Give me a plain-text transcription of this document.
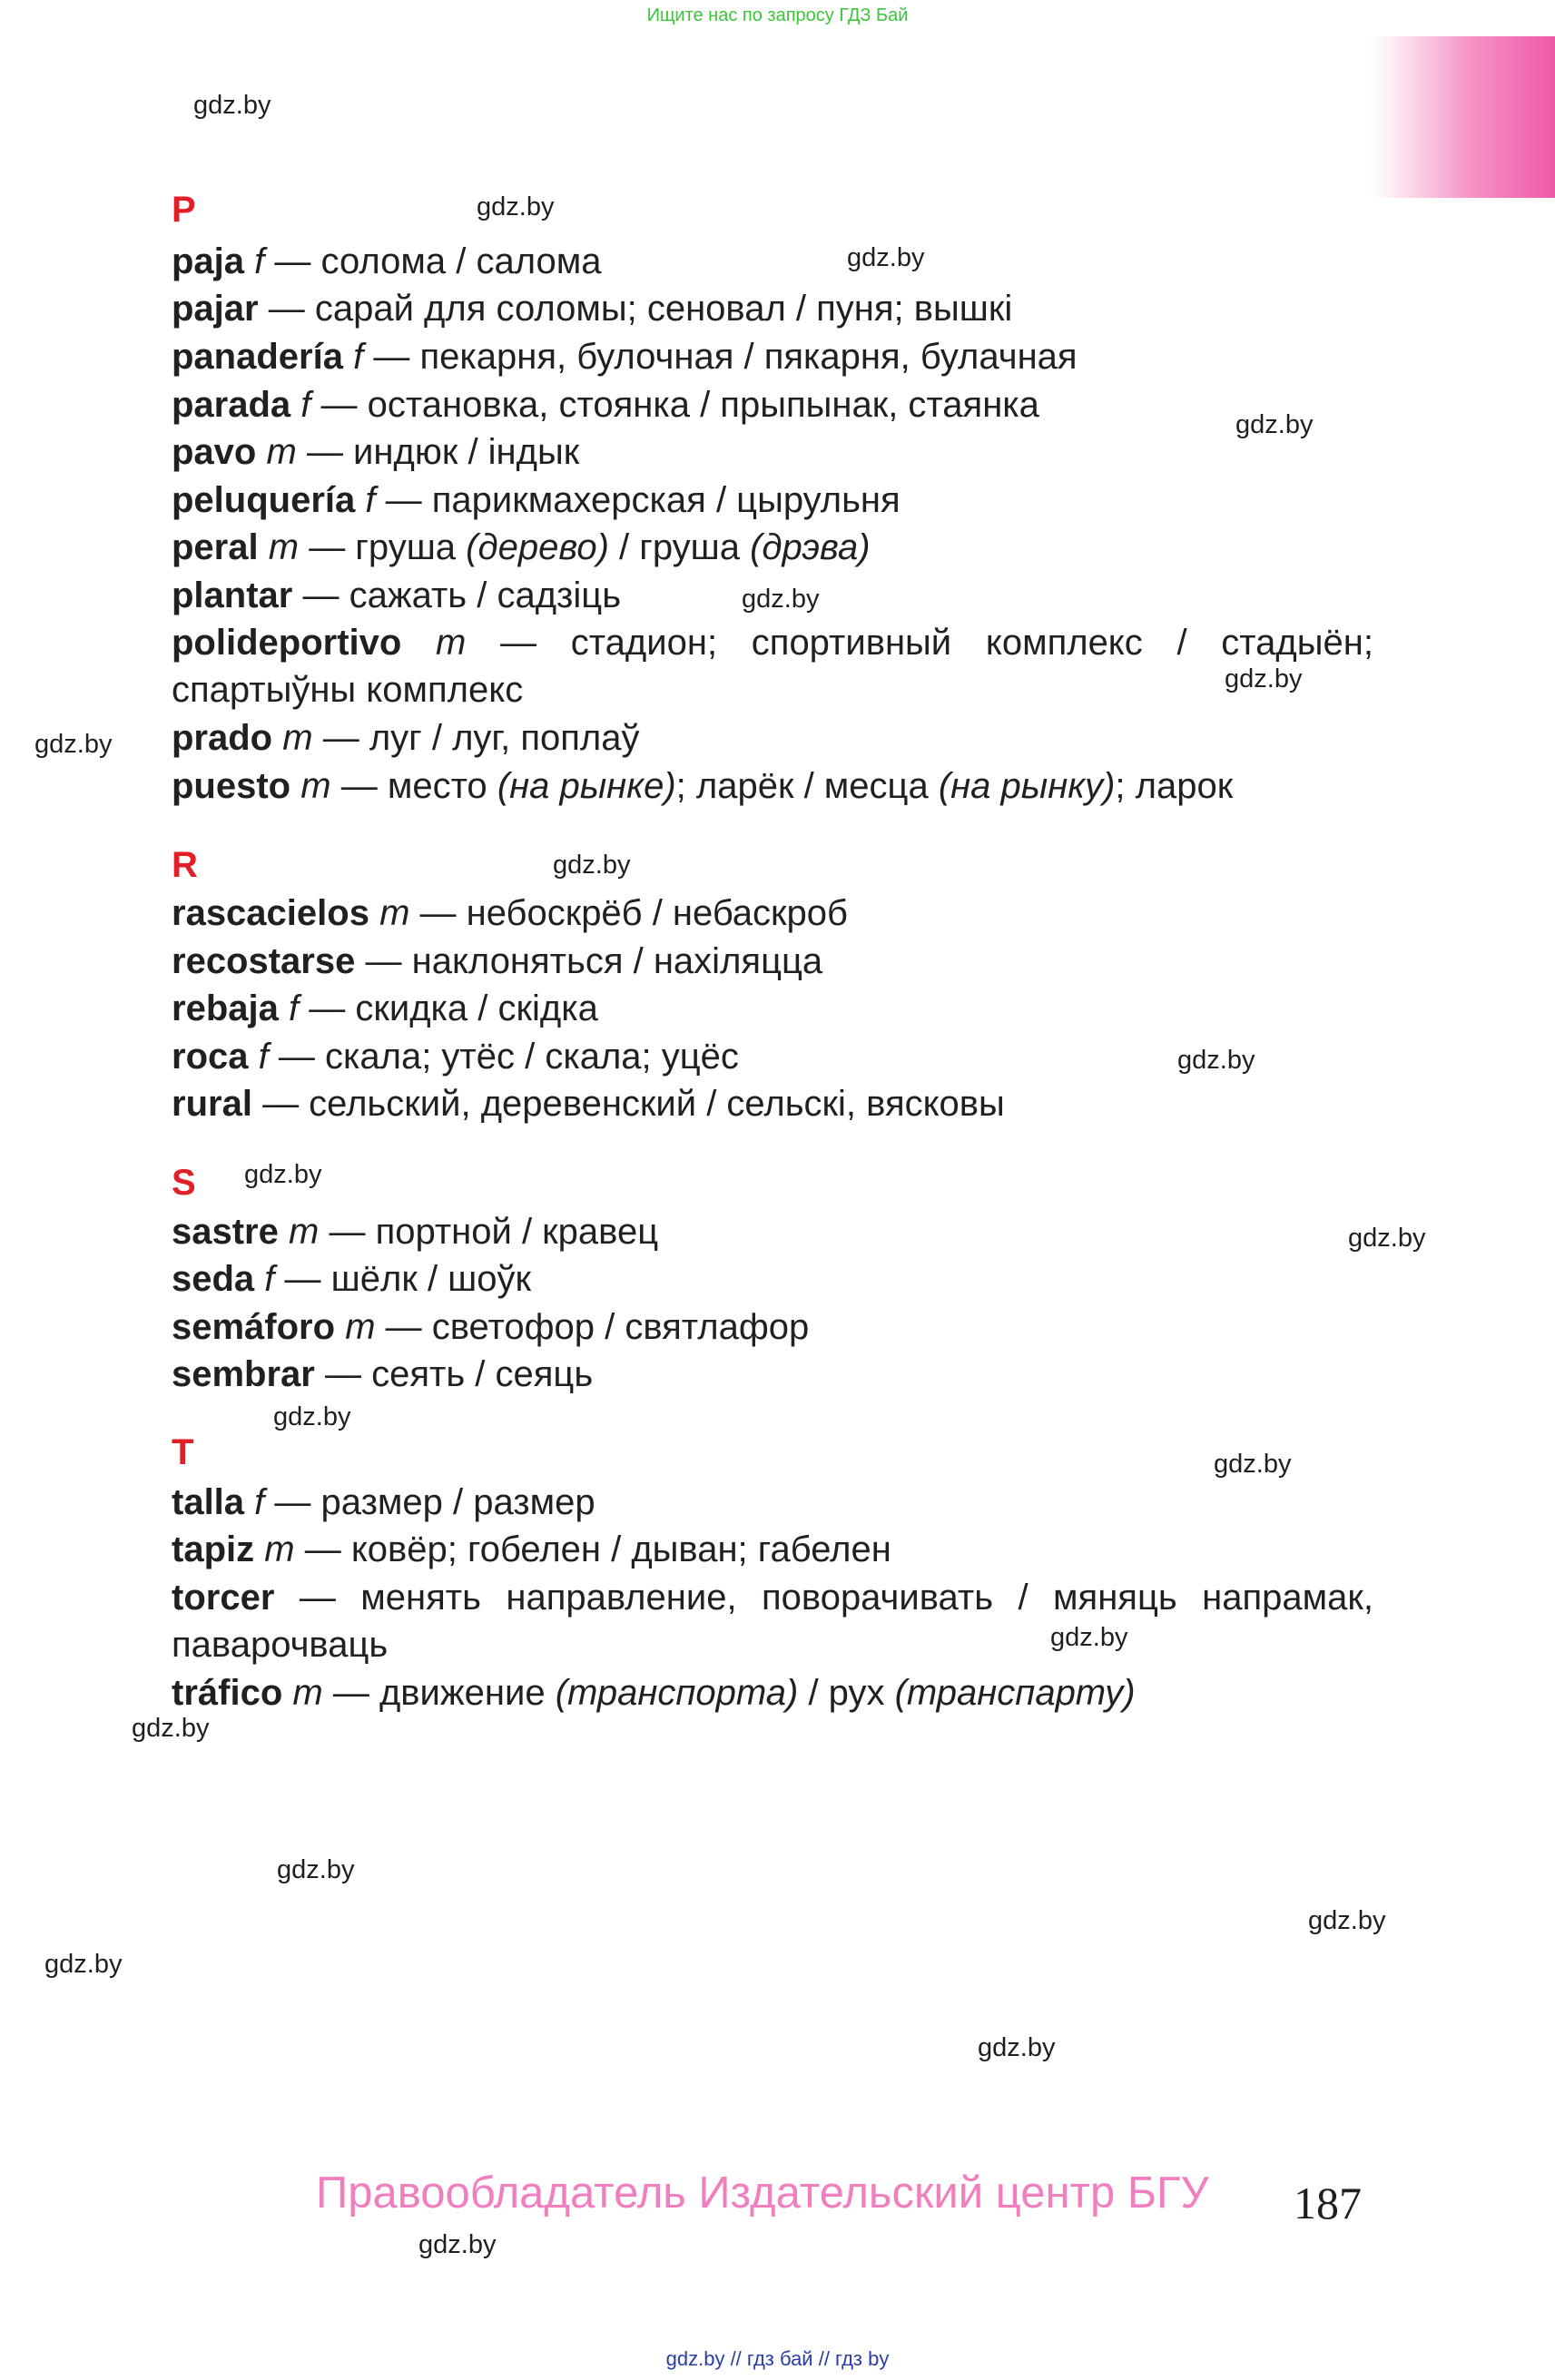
Ищите нас по запросу ГДЗ Бай
gdz.by
gdz.by
gdz.by
gdz.by
gdz.by
gdz.by
gdz.by
gdz.by
gdz.by
gdz.by
gdz.by
gdz.by
gdz.by
gdz.by
gdz.by
gdz.by
gdz.by
gdz.by
gdz.by
gdz.by
P
paja f — солома / салома
pajar — сарай для соломы; сеновал / пуня; вышкі
panadería f — пекарня, булочная / пякарня, булачная
parada f — остановка, стоянка / прыпынак, стаянка
pavo m — индюк / індык
peluquería f — парикмахерская / цырульня
peral m — груша (дерево) / груша (дрэва)
plantar — сажать / садзіць
polideportivo m — стадион; спортивный комплекс / стадыён; спартыўны комплекс
prado m — луг / луг, поплаў
puesto m — место (на рынке); ларёк / месца (на рынку); ларок
R
rascacielos m — небоскрёб / небаскроб
recostarse — наклоняться / нахіляцца
rebaja f — скидка / скідка
roca f — скала; утёс / скала; уцёс
rural — сельский, деревенский / сельскі, вясковы
S
sastre m — портной / кравец
seda f — шёлк / шоўк
semáforo m — светофор / святлафор
sembrar — сеять / сеяць
T
talla f — размер / размер
tapiz m — ковёр; гобелен / дыван; габелен
torcer — менять направление, поворачивать / мяняць напрамак, паварочваць
tráfico m — движение (транспорта) / рух (транспарту)
Правообладатель Издательский центр БГУ 187
gdz.by // гдз бай // гдз by
